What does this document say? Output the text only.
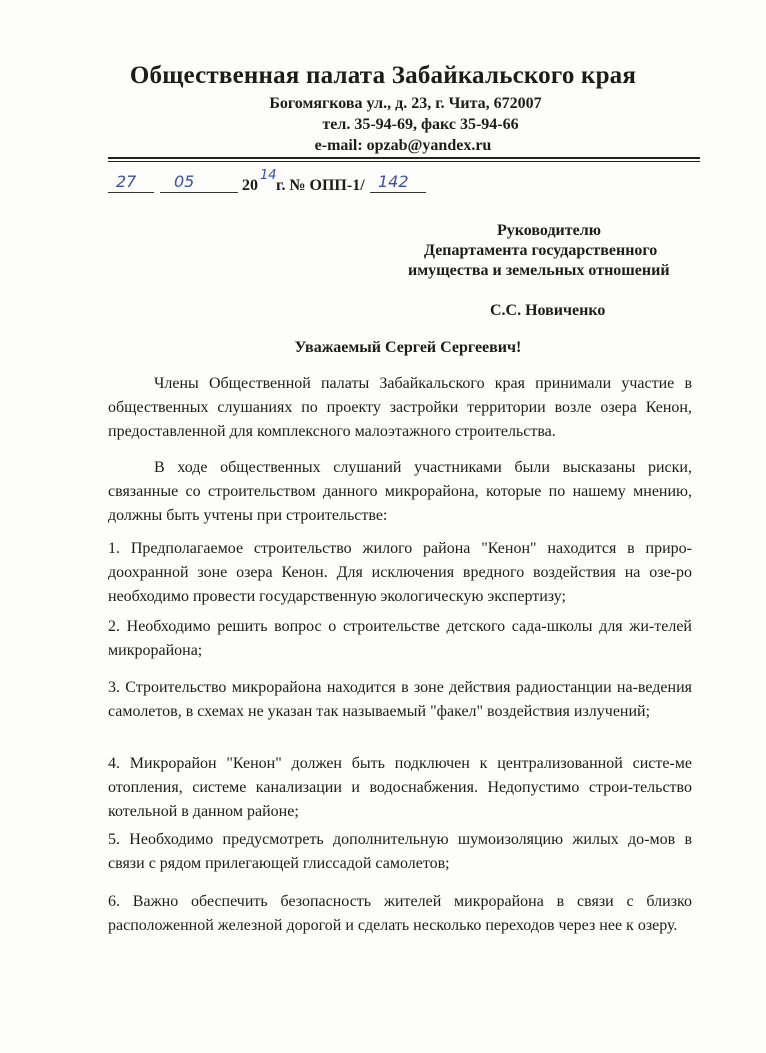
Общественная палата Забайкальского края
Богомягкова ул., д. 23, г. Чита, 672007
тел. 35-94-69, факс 35-94-66
e-mail: opzab@yandex.ru
27 05	20
14
г. № ОПП-1/ 142
Руководителю
Департамента государственного
имущества и земельных отношений
С.С. Новиченко
Уважаемый Сергей Сергеевич!
Члены Общественной палаты Забайкальского края принимали участие в общественных слушаниях по проекту застройки территории возле озера Кенон, предоставленной для комплексного малоэтажного строительства.
В ходе общественных слушаний участниками были высказаны риски, связанные со строительством данного микрорайона, которые по нашему мнению, должны быть учтены при строительстве:
1. Предполагаемое строительство жилого района "Кенон" находится в приро-доохранной зоне озера Кенон. Для исключения вредного воздействия на озе-ро необходимо провести государственную экологическую экспертизу;
2. Необходимо решить вопрос о строительстве детского сада-школы для жи-телей микрорайона;
3. Строительство микрорайона находится в зоне действия радиостанции на-ведения самолетов, в схемах не указан так называемый "факел" воздействия излучений;
4. Микрорайон "Кенон" должен быть подключен к централизованной систе-ме отопления, системе канализации и водоснабжения. Недопустимо строи-тельство котельной в данном районе;
5. Необходимо предусмотреть дополнительную шумоизоляцию жилых до-мов в связи с рядом прилегающей глиссадой самолетов;
6. Важно обеспечить безопасность жителей микрорайона в связи с близко расположенной железной дорогой и сделать несколько переходов через нее к озеру.
